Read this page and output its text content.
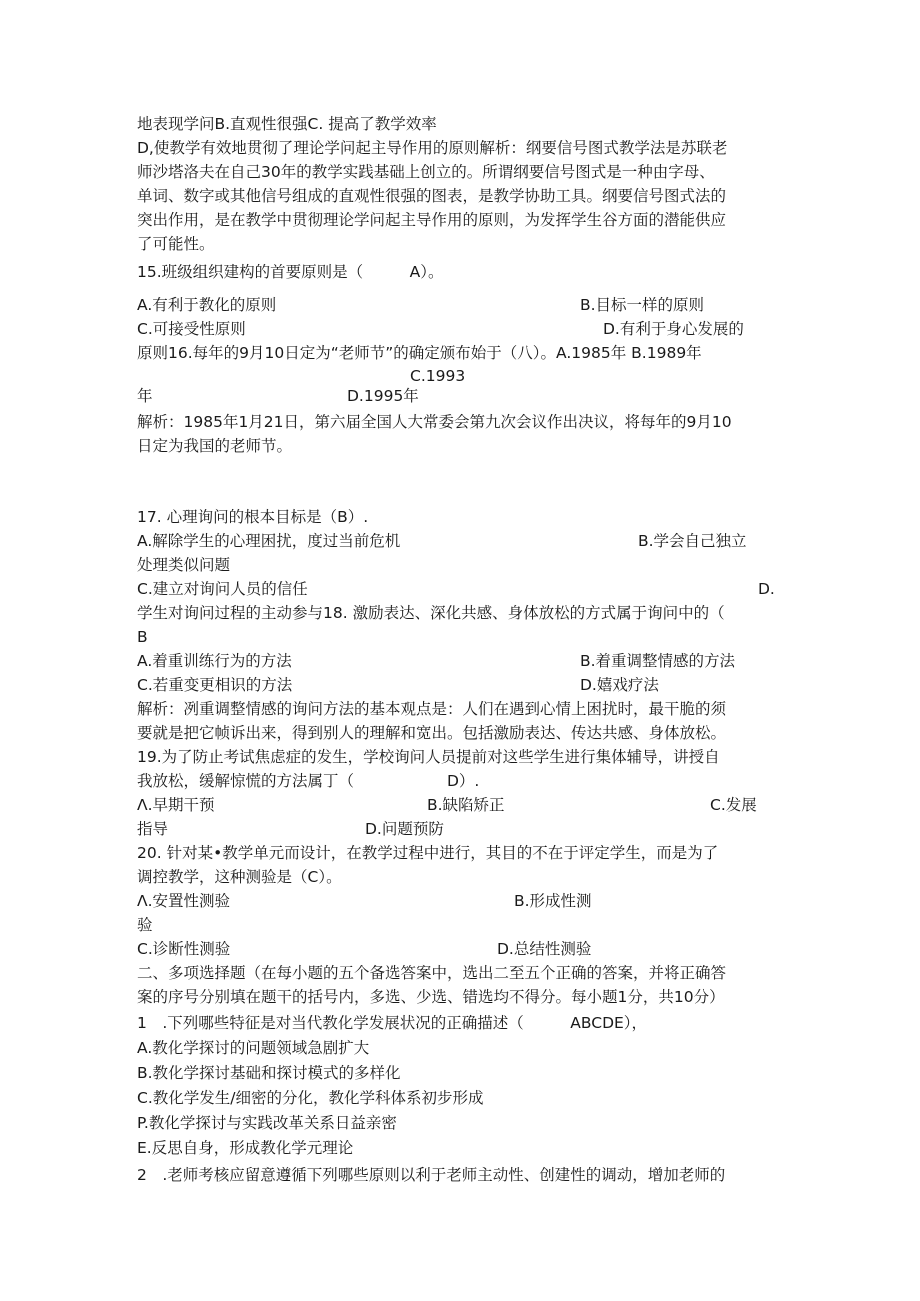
地表现学问B.直观性很强C. 提高了教学效率
D,使教学有效地贯彻了理论学问起主导作用的原则解析：纲要信号图式教学法是苏联老
师沙塔洛夫在自己30年的教学实践基础上创立的。所谓纲要信号图式是一种由字母、
单词、数字或其他信号组成的直观性很强的图表，是教学协助工具。纲要信号图式法的
突出作用，是在教学中贯彻理论学问起主导作用的原则，为发挥学生谷方面的潜能供应
了可能性。
15.班级组织建构的首要原则是（　　　A）。
A.有利于教化的原则	B.目标一样的原则
C.可接受性原则	D.有利于身心发展的
原则16.每年的9月10日定为“老师节”的确定颁布始于（八）。A.1985年 B.1989年
C.1993
年	D.1995年
解析：1985年1月21日，第六届全国人大常委会第九次会议作出决议，将每年的9月10
日定为我国的老师节。
17. 心理询问的根本目标是（B）.
A.解除学生的心理困扰，度过当前危机	B.学会自己独立
处理类似问题
C.建立对询问人员的信任	D.
学生对询问过程的主动参与18. 激励表达、深化共感、身体放松的方式属于询问中的（
B
A.着重训练行为的方法	B.着重调整情感的方法
C.若重变更相识的方法	D.嬉戏疗法
解析：冽重调整情感的询问方法的基本观点是：人们在遇到心情上困扰时，最干脆的须
要就是把它帧诉出来，得到别人的理解和宽出。包括激励表达、传达共感、身体放松。
19.为了防止考试焦虑症的发生，学校询问人员提前对这些学生进行集体辅导，讲授自
我放松，缓解惊慌的方法属丁（　　　　　　D）.
Λ.早期干预	B.缺陷矫正	C.发展
指导	D.问题预防
20. 针对某•教学单元而设计，在教学过程中进行，其目的不在于评定学生，而是为了
调控教学，这种测验是（C）。
Λ.安置性测验	B.形成性测
验
C.诊断性测验	D.总结性测验
二、多项选择题（在每小题的五个备选答案中，选出二至五个正确的答案，并将正确答
案的序号分别填在题干的括号内，多选、少选、错选均不得分。每小题1分，共10分）
1　.下列哪些特征是对当代教化学发展状况的正确描述（　　　ABCDE），
A.教化学探讨的问题领域急剧扩大
B.教化学探讨基础和探讨模式的多样化
C.教化学发生/细密的分化，教化学科体系初步形成
P.教化学探讨与实践改革关系日益亲密
E.反思自身，形成教化学元理论
2　.老师考核应留意遵循下列哪些原则以利于老师主动性、创建性的调动，增加老师的
